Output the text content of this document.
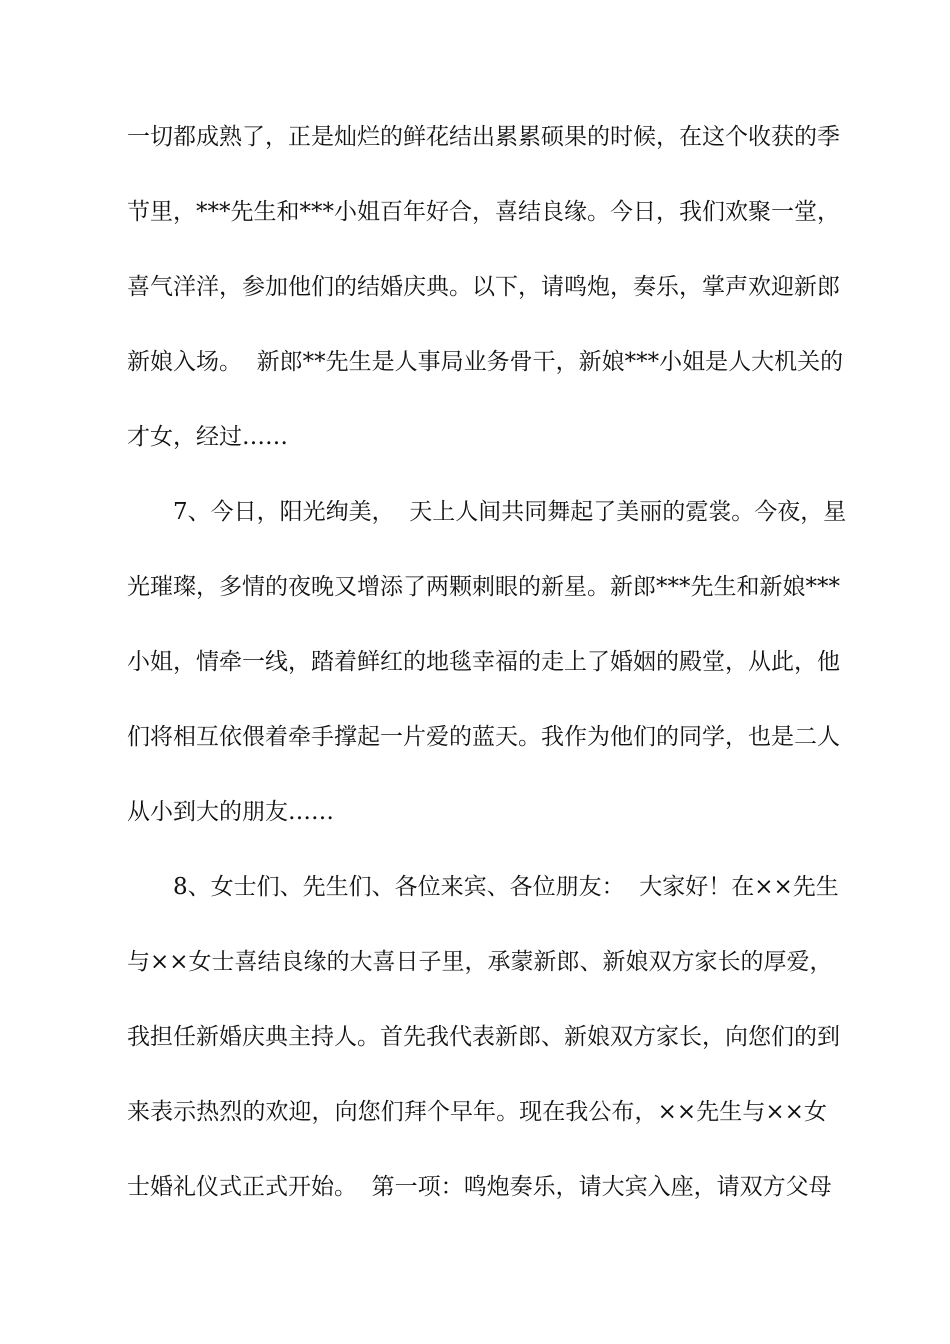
一切都成熟了，正是灿烂的鲜花结出累累硕果的时候，在这个收获的季
节里，***先生和***小姐百年好合，喜结良缘。今日，我们欢聚一堂，
喜气洋洋，参加他们的结婚庆典。以下，请鸣炮，奏乐，掌声欢迎新郎
新娘入场。  新郎**先生是人事局业务骨干，新娘***小姐是人大机关的
才女，经过……
7、今日，阳光绚美，  天上人间共同舞起了美丽的霓裳。今夜，星
光璀璨，多情的夜晚又增添了两颗刺眼的新星。新郎***先生和新娘***
小姐，情牵一线，踏着鲜红的地毯幸福的走上了婚姻的殿堂，从此，他
们将相互依偎着牵手撑起一片爱的蓝天。我作为他们的同学，也是二人
从小到大的朋友……
8、女士们、先生们、各位来宾、各位朋友：  大家好！在××先生
与××女士喜结良缘的大喜日子里，承蒙新郎、新娘双方家长的厚爱，
我担任新婚庆典主持人。首先我代表新郎、新娘双方家长，向您们的到
来表示热烈的欢迎，向您们拜个早年。现在我公布，××先生与××女
士婚礼仪式正式开始。  第一项：鸣炮奏乐，请大宾入座，请双方父母
